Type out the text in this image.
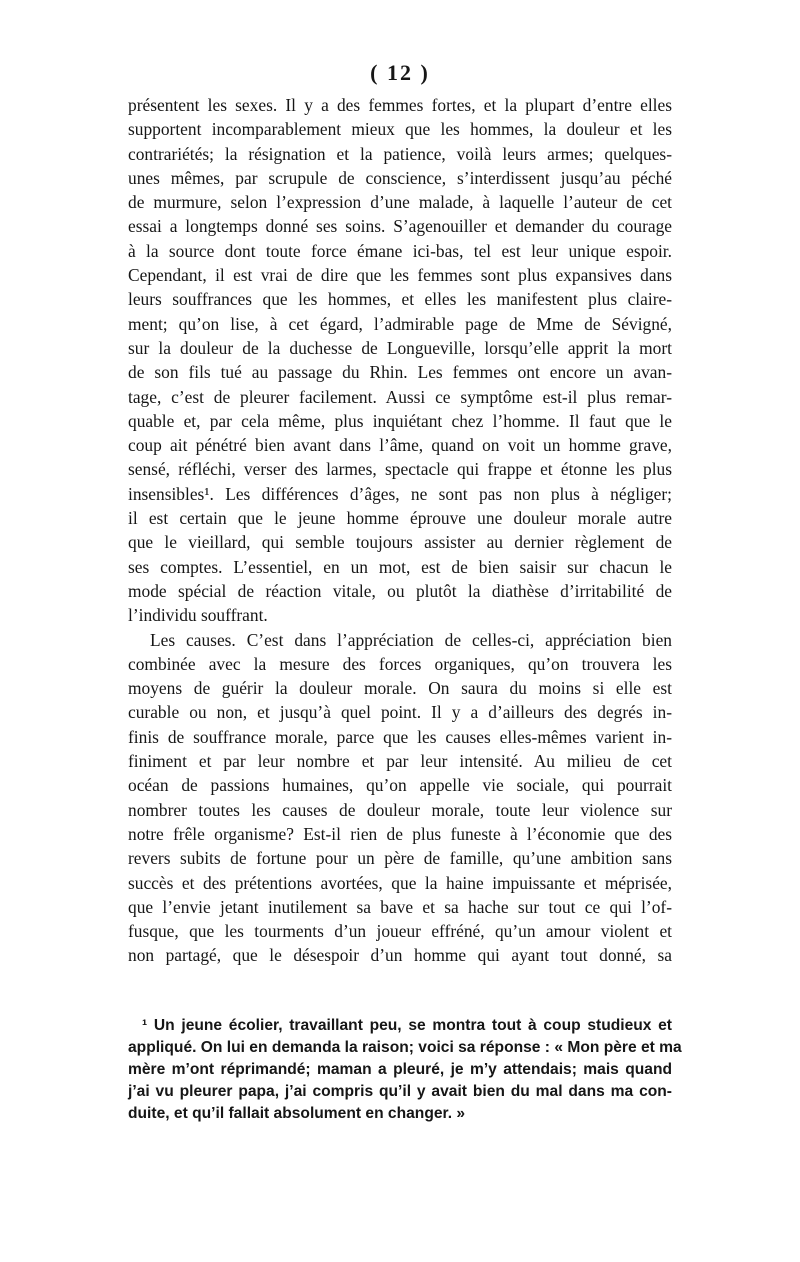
( 12 )
présentent les sexes. Il y a des femmes fortes, et la plupart d’entre elles
supportent incomparablement mieux que les hommes, la douleur et les
contrariétés; la résignation et la patience, voilà leurs armes; quelques-
unes mêmes, par scrupule de conscience, s’interdissent jusqu’au péché
de murmure, selon l’expression d’une malade, à laquelle l’auteur de cet
essai a longtemps donné ses soins. S’agenouiller et demander du courage
à la source dont toute force émane ici-bas, tel est leur unique espoir.
Cependant, il est vrai de dire que les femmes sont plus expansives dans
leurs souffrances que les hommes, et elles les manifestent plus claire-
ment; qu’on lise, à cet égard, l’admirable page de Mme de Sévigné,
sur la douleur de la duchesse de Longueville, lorsqu’elle apprit la mort
de son fils tué au passage du Rhin. Les femmes ont encore un avan-
tage, c’est de pleurer facilement. Aussi ce symptôme est-il plus remar-
quable et, par cela même, plus inquiétant chez l’homme. Il faut que le
coup ait pénétré bien avant dans l’âme, quand on voit un homme grave,
sensé, réfléchi, verser des larmes, spectacle qui frappe et étonne les plus
insensibles¹. Les différences d’âges, ne sont pas non plus à négliger;
il est certain que le jeune homme éprouve une douleur morale autre
que le vieillard, qui semble toujours assister au dernier règlement de
ses comptes. L’essentiel, en un mot, est de bien saisir sur chacun le
mode spécial de réaction vitale, ou plutôt la diathèse d’irritabilité de
l’individu souffrant.
Les causes. C’est dans l’appréciation de celles-ci, appréciation bien
combinée avec la mesure des forces organiques, qu’on trouvera les
moyens de guérir la douleur morale. On saura du moins si elle est
curable ou non, et jusqu’à quel point. Il y a d’ailleurs des degrés in-
finis de souffrance morale, parce que les causes elles-mêmes varient in-
finiment et par leur nombre et par leur intensité. Au milieu de cet
océan de passions humaines, qu’on appelle vie sociale, qui pourrait
nombrer toutes les causes de douleur morale, toute leur violence sur
notre frêle organisme? Est-il rien de plus funeste à l’économie que des
revers subits de fortune pour un père de famille, qu’une ambition sans
succès et des prétentions avortées, que la haine impuissante et méprisée,
que l’envie jetant inutilement sa bave et sa hache sur tout ce qui l’of-
fusque, que les tourments d’un joueur effréné, qu’un amour violent et
non partagé, que le désespoir d’un homme qui ayant tout donné, sa
¹ Un jeune écolier, travaillant peu, se montra tout à coup studieux et
appliqué. On lui en demanda la raison; voici sa réponse : « Mon père et ma
mère m’ont réprimandé; maman a pleuré, je m’y attendais; mais quand
j’ai vu pleurer papa, j’ai compris qu’il y avait bien du mal dans ma con-
duite, et qu’il fallait absolument en changer. »
